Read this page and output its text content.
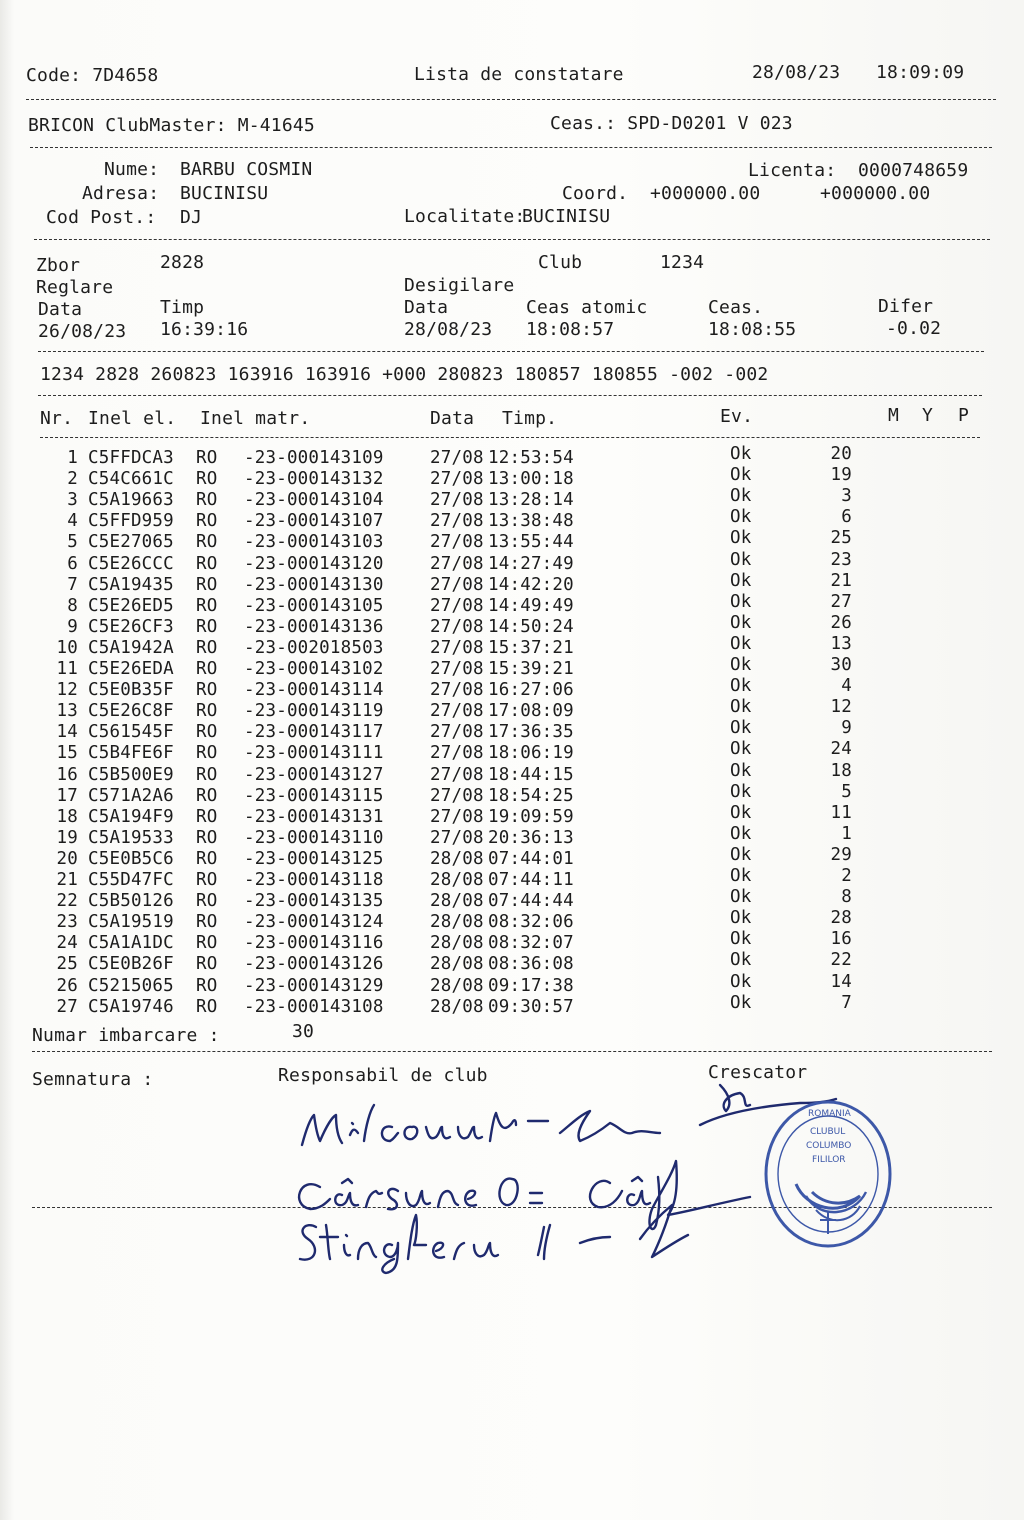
Code: 7D4658	Lista de constatare	28/08/23 18:09:09
BRICON ClubMaster: M-41645	Ceas.: SPD-D0201 V 023
Nume: BARBU COSMIN	Licenta: 0000748659
Adresa: BUCINISU	Coord. +000000.00	+000000.00
Cod Post.: DJ	Localitate:
BUCINISU
Zbor	2828	Club	1234
Reglare	Desigilare
Data	Timp	Data	Ceas atomic	Ceas.	Difer
26/08/23 16:39:16	28/08/23 18:08:57	18:08:55	-0.02
1234 2828 260823 163916 163916 +000 280823 180857 180855 -002 -002
Nr. Inel el. Inel matr.	Data Timp.	Ev.	M Y P
1 C5FFDCA3 RO -23-000143109	27/08 12:53:54	Ok	20
2 C54C661C RO -23-000143132	27/08 13:00:18	Ok	19
3 C5A19663 RO -23-000143104	27/08 13:28:14	Ok	3
4 C5FFD959 RO -23-000143107	27/08 13:38:48	Ok	6
5 C5E27065 RO -23-000143103	27/08 13:55:44	Ok	25
6 C5E26CCC RO -23-000143120	27/08 14:27:49	Ok	23
7 C5A19435 RO -23-000143130	27/08 14:42:20	Ok	21
8 C5E26ED5 RO -23-000143105	27/08 14:49:49	Ok	27
9 C5E26CF3 RO -23-000143136	27/08 14:50:24	Ok	26
10 C5A1942A RO -23-002018503	27/08 15:37:21	Ok	13
11 C5E26EDA RO -23-000143102	27/08 15:39:21	Ok	30
12 C5E0B35F RO -23-000143114	27/08 16:27:06	Ok	4
13 C5E26C8F RO -23-000143119	27/08 17:08:09	Ok	12
14 C561545F RO -23-000143117	27/08 17:36:35	Ok	9
15 C5B4FE6F RO -23-000143111	27/08 18:06:19	Ok	24
16 C5B500E9 RO -23-000143127	27/08 18:44:15	Ok	18
17 C571A2A6 RO -23-000143115	27/08 18:54:25	Ok	5
18 C5A194F9 RO -23-000143131	27/08 19:09:59	Ok	11
19 C5A19533 RO -23-000143110	27/08 20:36:13	Ok	1
20 C5E0B5C6 RO -23-000143125	28/08 07:44:01	Ok	29
21 C55D47FC RO -23-000143118	28/08 07:44:11	Ok	2
22 C5B50126 RO -23-000143135	28/08 07:44:44	Ok	8
23 C5A19519 RO -23-000143124	28/08 08:32:06	Ok	28
24 C5A1A1DC RO -23-000143116	28/08 08:32:07	Ok	16
25 C5E0B26F RO -23-000143126	28/08 08:36:08	Ok	22
26 C5215065 RO -23-000143129	28/08 09:17:38	Ok	14
27 C5A19746 RO -23-000143108	28/08 09:30:57	Ok	7
Numar imbarcare :	30
Semnatura :	Responsabil de club	Crescator
ROMANIA
CLUBUL
COLUMBO
FILILOR
